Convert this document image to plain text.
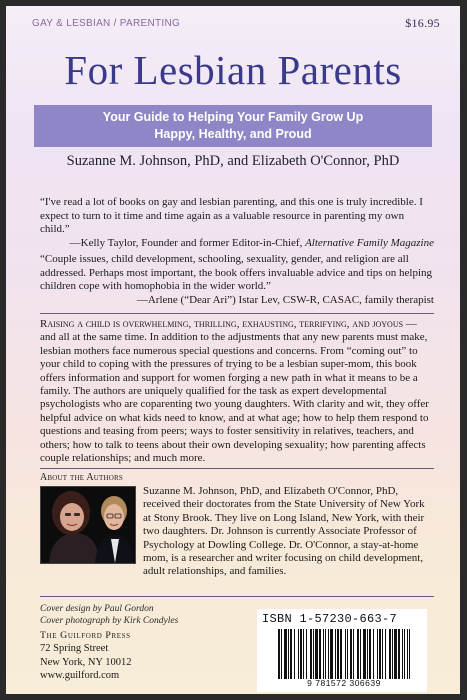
GAY & LESBIAN / PARENTING	$16.95
For Lesbian Parents
Your Guide to Helping Your Family Grow Up
Happy, Healthy, and Proud
Suzanne M. Johnson, PhD, and Elizabeth O'Connor, PhD
“I've read a lot of books on gay and lesbian parenting, and this one is truly incredible. I expect to turn to it time and time again as a valuable resource in parenting my own child.”
—Kelly Taylor, Founder and former Editor-in-Chief, Alternative Family Magazine
“Couple issues, child development, schooling, sexuality, gender, and religion are all addressed. Perhaps most important, the book offers invaluable advice and tips on helping children cope with homophobia in the wider world.”
—Arlene (“Dear Ari”) Istar Lev, CSW-R, CASAC, family therapist
Raising a child is overwhelming, thrilling, exhausting, terrifying, and joyous — and all at the same time. In addition to the adjustments that any new parents must make, lesbian mothers face numerous special questions and concerns. From “coming out” to your child to coping with the pressures of trying to be a lesbian super-mom, this book offers information and support for women forging a new path in what it means to be a family. The authors are uniquely qualified for the task as expert developmental psychologists who are coparenting two young daughters. With clarity and wit, they offer helpful advice on what kids need to know, and at what age; how to help them respond to questions and teasing from peers; ways to foster sensitivity in relatives, teachers, and others; how to talk to teens about their own developing sexuality; how parenting affects couple relationships; and much more.
About the Authors
Suzanne M. Johnson, PhD, and Elizabeth O'Connor, PhD, received their doctorates from the State University of New York at Stony Brook. They live on Long Island, New York, with their two daughters. Dr. Johnson is currently Associate Professor of Psychology at Dowling College. Dr. O'Connor, a stay-at-home mom, is a researcher and writer focusing on child development, adult relationships, and families.
Cover design by Paul Gordon
Cover photograph by Kirk Condyles
The Guilford Press
72 Spring Street
New York, NY 10012
www.guilford.com
ISBN 1-57230-663-7
9 781572 306639
